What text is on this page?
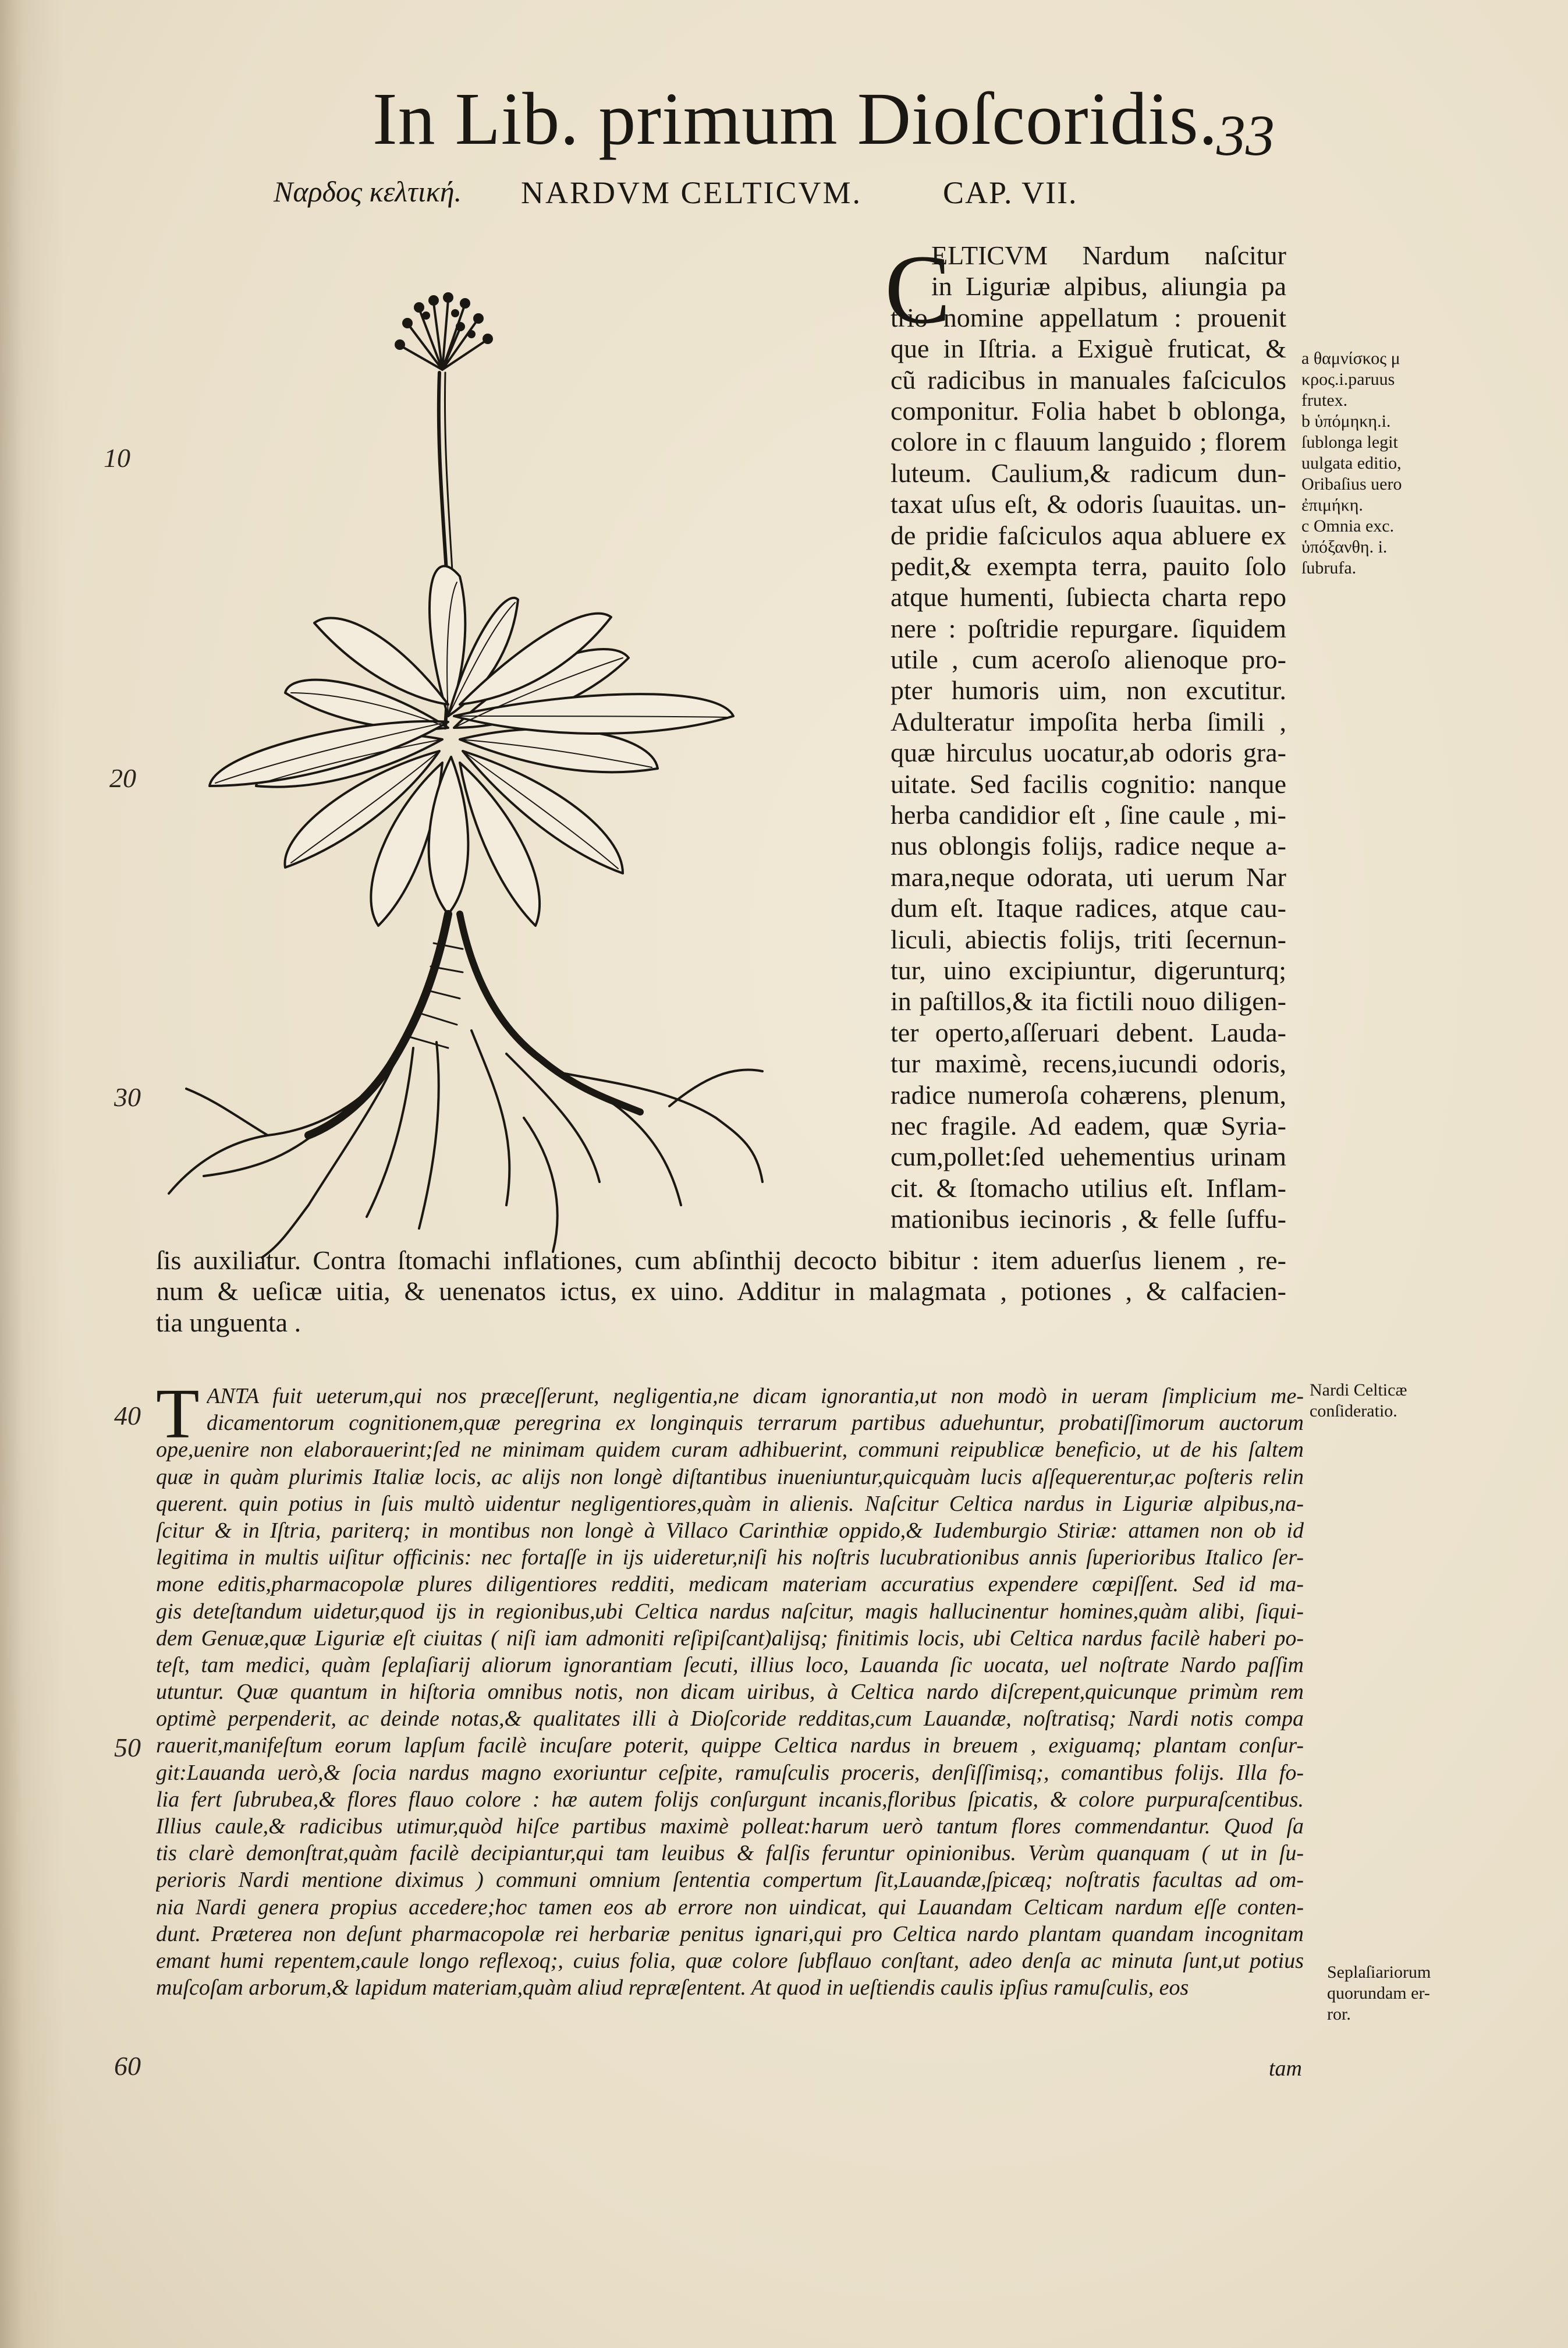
In Lib. primum Dioſcoridis.
33
Ναρδος κελτική. NARDVM CELTICVM.	CAP. VII.
10
20
30
40
50
60
C
ELTICVM Nardum naſcitur
in Liguriæ alpibus, aliungia pa
trio nomine appellatum : prouenit
que in Iſtria. a Exiguè fruticat, &
cũ radicibus in manuales faſciculos
componitur. Folia habet b oblonga,
colore in c flauum languido ; florem
luteum. Caulium,& radicum dun-
taxat uſus eſt, & odoris ſuauitas. un-
de pridie faſciculos aqua abluere ex
pedit,& exempta terra, pauito ſolo
atque humenti, ſubiecta charta repo
nere : poſtridie repurgare. ſiquidem
utile , cum aceroſo alienoque pro-
pter humoris uim, non excutitur.
Adulteratur impoſita herba ſimili ,
quæ hirculus uocatur,ab odoris gra-
uitate. Sed facilis cognitio: nanque
herba candidior eſt , ſine caule , mi-
nus oblongis folijs, radice neque a-
mara,neque odorata, uti uerum Nar
dum eſt. Itaque radices, atque cau-
liculi, abiectis folijs, triti ſecernun-
tur, uino excipiuntur, digerunturq;
in paſtillos,& ita fictili nouo diligen-
ter operto,aſſeruari debent. Lauda-
tur maximè, recens,iucundi odoris,
radice numeroſa cohærens, plenum,
nec fragile. Ad eadem, quæ Syria-
cum,pollet:ſed uehementius urinam
cit. & ſtomacho utilius eſt. Inflam-
mationibus iecinoris , & felle ſuffu-
ſis auxiliatur. Contra ſtomachi inflationes, cum abſinthij decocto bibitur : item aduerſus lienem , re-
num & ueſicæ uitia, & uenenatos ictus, ex uino. Additur in malagmata , potiones , & calfacien-
tia unguenta .
a θαμνίσκος μ
κρος.i.paruus
frutex.
b ὑπόμηκη.i.
ſublonga legit
uulgata editio,
Oribaſius uero
ἐπιμήκη.
c Omnia exc.
ὑπόξανθη. i.
ſubrufa.
Nardi Celticæ
conſideratio.
Seplaſiariorum
quorundam er-
ror.
T ANTA fuit ueterum,qui nos præceſſerunt, negligentia,ne dicam ignorantia,ut non modò in ueram ſimplicium me-
dicamentorum cognitionem,quæ peregrina ex longinquis terrarum partibus aduehuntur, probatiſſimorum auctorum
ope,uenire non elaborauerint;ſed ne minimam quidem curam adhibuerint, communi reipublicæ beneficio, ut de his ſaltem
quæ in quàm plurimis Italiæ locis, ac alijs non longè diſtantibus inueniuntur,quicquàm lucis aſſequerentur,ac poſteris relin
querent. quin potius in ſuis multò uidentur negligentiores,quàm in alienis. Naſcitur Celtica nardus in Liguriæ alpibus,na-
ſcitur & in Iſtria, pariterq; in montibus non longè à Villaco Carinthiæ oppido,& Iudemburgio Stiriæ: attamen non ob id
legitima in multis uiſitur officinis: nec fortaſſe in ijs uideretur,niſi his noſtris lucubrationibus annis ſuperioribus Italico ſer-
mone editis,pharmacopolæ plures diligentiores redditi, medicam materiam accuratius expendere cœpiſſent. Sed id ma-
gis deteſtandum uidetur,quod ijs in regionibus,ubi Celtica nardus naſcitur, magis hallucinentur homines,quàm alibi, ſiqui-
dem Genuæ,quæ Liguriæ eſt ciuitas ( niſi iam admoniti reſipiſcant)alijsq; finitimis locis, ubi Celtica nardus facilè haberi po-
teſt, tam medici, quàm ſeplaſiarij aliorum ignorantiam ſecuti, illius loco, Lauanda ſic uocata, uel noſtrate Nardo paſſim
utuntur. Quæ quantum in hiſtoria omnibus notis, non dicam uiribus, à Celtica nardo diſcrepent,quicunque primùm rem
optimè perpenderit, ac deinde notas,& qualitates illi à Dioſcoride redditas,cum Lauandæ, noſtratisq; Nardi notis compa
rauerit,manifeſtum eorum lapſum facilè incuſare poterit, quippe Celtica nardus in breuem , exiguamq; plantam conſur-
git:Lauanda uerò,& ſocia nardus magno exoriuntur ceſpite, ramuſculis proceris, denſiſſimisq;, comantibus folijs. Illa fo-
lia fert ſubrubea,& flores flauo colore : hæ autem folijs conſurgunt incanis,floribus ſpicatis, & colore purpuraſcentibus.
Illius caule,& radicibus utimur,quòd hiſce partibus maximè polleat:harum uerò tantum flores commendantur. Quod ſa
tis clarè demonſtrat,quàm facilè decipiantur,qui tam leuibus & falſis feruntur opinionibus. Verùm quanquam ( ut in ſu-
perioris Nardi mentione diximus ) communi omnium ſententia compertum ſit,Lauandæ,ſpicæq; noſtratis facultas ad om-
nia Nardi genera propius accedere;hoc tamen eos ab errore non uindicat, qui Lauandam Celticam nardum eſſe conten-
dunt. Præterea non deſunt pharmacopolæ rei herbariæ penitus ignari,qui pro Celtica nardo plantam quandam incognitam
emant humi repentem,caule longo reflexoq;, cuius folia, quæ colore ſubflauo conſtant, adeo denſa ac minuta ſunt,ut potius
muſcoſam arborum,& lapidum materiam,quàm aliud repræſentent. At quod in ueſtiendis caulis ipſius ramuſculis, eos
tam
